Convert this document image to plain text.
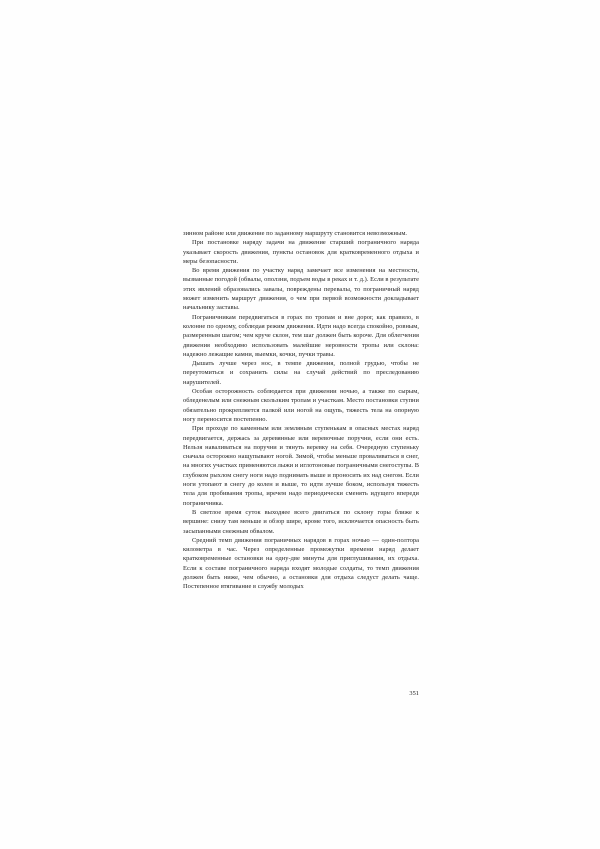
зинном районе или движение по заданному маршруту становится невозможным.

При постановке наряду задачи на движение старший пограничного наряда указывает скорость движения, пункты остановок для кратковременного отдыха и меры безопасности.

Во время движения по участку наряд замечает все изменения на местности, вызванные погодой (обвалы, оползни, подъем воды в реках и т. д.). Если в результате этих явлений образовались завалы, повреждены перевалы, то пограничный наряд может изменить маршрут движения, о чем при первой возможности докладывает начальнику заставы.

Пограничникам передвигаться в горах по тропам и вне дорог, как правило, в колонне по одному, соблюдая режим движения. Идти надо всегда спокойно, ровным, размеренным шагом; чем круче склон, тем шаг должен быть короче. Для облегчения движения необходимо использовать малейшие неровности тропы или склона: надежно лежащие камни, выемки, кочки, пучки травы.

Дышать лучше через нос, в темпе движения, полной грудью, чтобы не переутомиться и сохранить силы на случай действий по преследованию нарушителей.

Особая осторожность соблюдается при движении ночью, а также по сырым, обледенелым или снежным скользким тропам и участкам. Место постановки ступни обязательно прокрепляется палкой или ногой на ощупь, тяжесть тела на опорную ногу переносится постепенно.

При проходе по каменным или земляным ступенькам в опасных местах наряд передвигается, держась за деревянные или веревочные поручни, если они есть. Нельзя наваливаться на поручни и тянуть веревку на себя. Очередную ступеньку сначала осторожно нащупывают ногой. Зимой, чтобы меньше проваливаться в снег, на многих участках применяются лыжи и иглотоновые пограничными снегоступы. В глубоком рыхлом снегу ноги надо поднимать выше и проносить их над снегом. Если ноги утопают в снегу до колен и выше, то идти лучше боком, используя тяжесть тела для пробивания тропы, иречем надо периодически сменять идущего впереди пограничника.

В светлое время суток выходяее всего двигаться по склону горы ближе к вершине: снизу там меньше и обзор шире, кроме того, исключается опасность быть засыпанными снежным обвалом.

Средний темп движения пограничных нарядов в горах ночью — один-полтора километра в час. Через определенные промежутки времени наряд делает кратковременные остановки на одну-две минуты для приглушивания, их отдыха. Если к составе пограничного наряда входят молодые солдаты, то темп движения должен быть ниже, чем обычно, а остановки для отдыха следуст делать чаще. Постепенное втягивание в службу молодых

351
